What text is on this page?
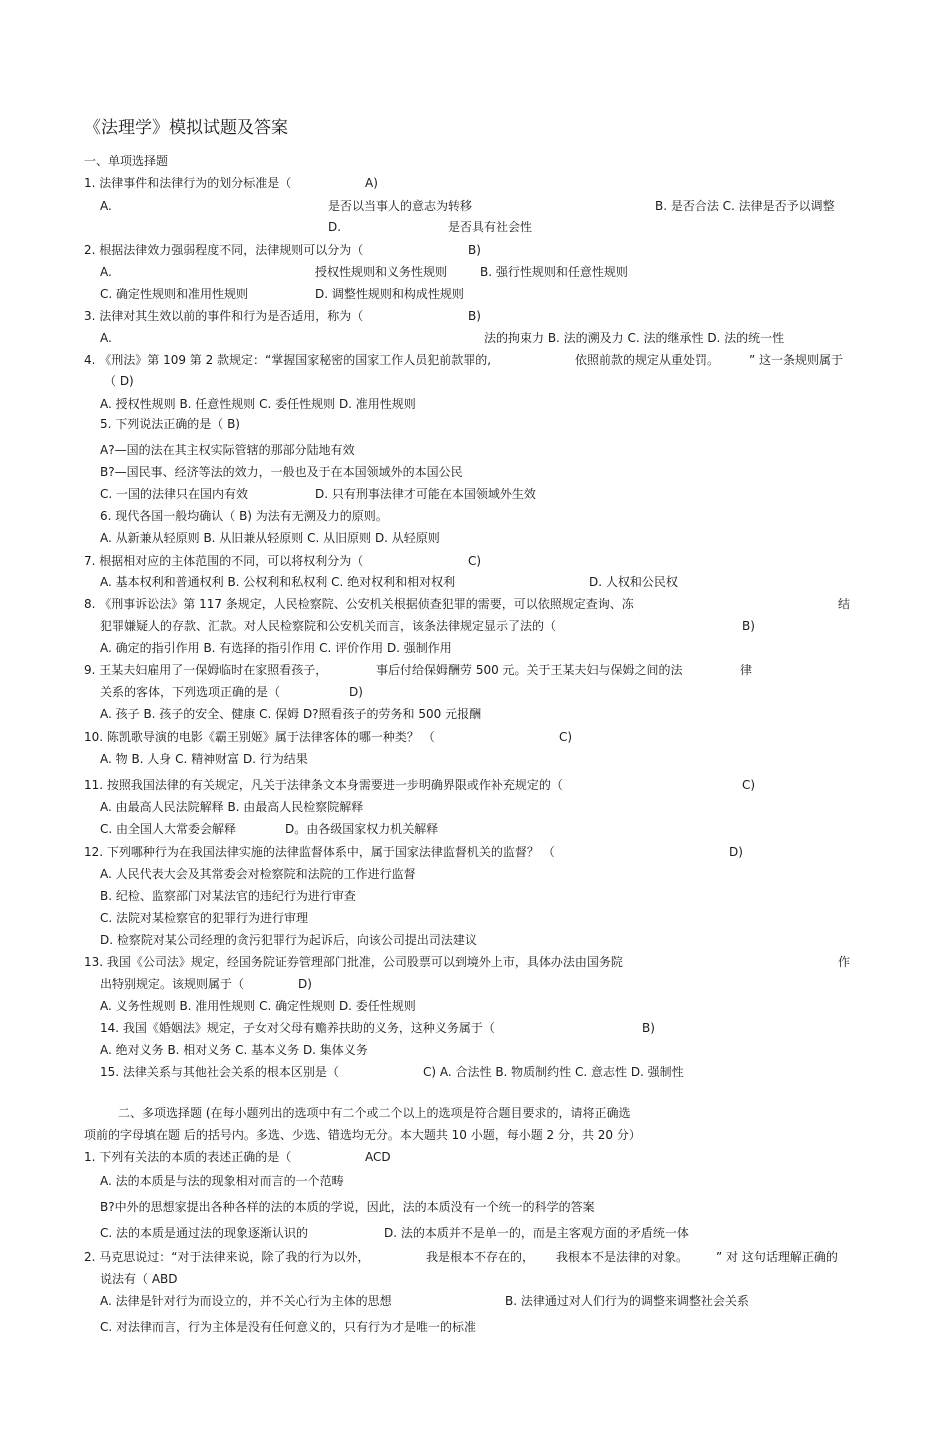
《法理学》模拟试题及答案
一、单项选择题
1. 法律事件和法律行为的划分标准是（	A)
A.	是否以当事人的意志为转移	B. 是否合法 C. 法律是否予以调整
D.	是否具有社会性
2. 根据法律效力强弱程度不同，法律规则可以分为（	B)
A.	授权性规则和义务性规则	B. 强行性规则和任意性规则
C. 确定性规则和准用性规则	D. 调整性规则和构成性规则
3. 法律对其生效以前的事件和行为是否适用，称为（	B)
A.	法的拘束力 B. 法的溯及力 C. 法的继承性 D. 法的统一性
4. 《刑法》第 109 第 2 款规定：“掌握国家秘密的国家工作人员犯前款罪的,	依照前款的规定从重处罚。 ” 这一条规则属于
（ D)
A. 授权性规则 B. 任意性规则 C. 委任性规则 D. 准用性规则
5. 下列说法正确的是（ B)
A?—国的法在其主权实际管辖的那部分陆地有效
B?—国民事、经济等法的效力，一般也及于在本国领域外的本国公民
C. 一国的法律只在国内有效	D. 只有刑事法律才可能在本国领域外生效
6. 现代各国一般均确认（ B) 为法有无溯及力的原则。
A. 从新兼从轻原则 B. 从旧兼从轻原则 C. 从旧原则 D. 从轻原则
7. 根据相对应的主体范围的不同，可以将权利分为（	C)
A. 基本权利和普通权利 B. 公权利和私权利 C. 绝对权利和相对权利	D. 人权和公民权
8. 《刑事诉讼法》第 117 条规定，人民检察院、公安机关根据侦查犯罪的需要，可以依照规定查询、冻	结
犯罪嫌疑人的存款、汇款。对人民检察院和公安机关而言，该条法律规定显示了法的（	B)
A. 确定的指引作用 B. 有选择的指引作用 C. 评价作用 D. 强制作用
9. 王某夫妇雇用了一保姆临时在家照看孩子，	事后付给保姆酬劳 500 元。关于王某夫妇与保姆之间的法	律
关系的客体，下列选项正确的是（	D)
A. 孩子 B. 孩子的安全、健康 C. 保姆 D?照看孩子的劳务和 500 元报酬
10. 陈凯歌导演的电影《霸王别姬》属于法律客体的哪一种类？ （	C)
A. 物 B. 人身 C. 精神财富 D. 行为结果
11. 按照我国法律的有关规定，凡关于法律条文本身需要进一步明确界限或作补充规定的（	C)
A. 由最高人民法院解释 B. 由最高人民检察院解释
C. 由全国人大常委会解释	D。由各级国家权力机关解释
12. 下列哪种行为在我国法律实施的法律监督体系中，属于国家法律监督机关的监督？ （	D)
A. 人民代表大会及其常委会对检察院和法院的工作进行监督
B. 纪检、监察部门对某法官的违纪行为进行审查
C. 法院对某检察官的犯罪行为进行审理
D. 检察院对某公司经理的贪污犯罪行为起诉后，向该公司提出司法建议
13. 我国《公司法》规定，经国务院证券管理部门批准，公司股票可以到境外上市，具体办法由国务院	作
出特别规定。该规则属于（	D)
A. 义务性规则 B. 准用性规则 C. 确定性规则 D. 委任性规则
14. 我国《婚姻法》规定，子女对父母有赡养扶助的义务，这种义务属于（	B)
A. 绝对义务 B. 相对义务 C. 基本义务 D. 集体义务
15. 法律关系与其他社会关系的根本区别是（	C) A. 合法性 B. 物质制约性 C. 意志性 D. 强制性
二、多项选择题 (在每小题列出的选项中有二个或二个以上的选项是符合题目要求的，请将正确选
项前的字母填在题 后的括号内。多选、少选、错选均无分。本大题共 10 小题，每小题 2 分，共 20 分）
1. 下列有关法的本质的表述正确的是（	ACD
A. 法的本质是与法的现象相对而言的一个范畴
B?中外的思想家提出各种各样的法的本质的学说，因此，法的本质没有一个统一的科学的答案
C. 法的本质是通过法的现象逐渐认识的	D. 法的本质并不是单一的，而是主客观方面的矛盾统一体
2. 马克思说过：“对于法律来说，除了我的行为以外，	我是根本不存在的， 我根本不是法律的对象。 ” 对 这句话理解正确的
说法有（ ABD
A. 法律是针对行为而设立的，并不关心行为主体的思想	B. 法律通过对人们行为的调整来调整社会关系
C. 对法律而言，行为主体是没有任何意义的，只有行为才是唯一的标准
